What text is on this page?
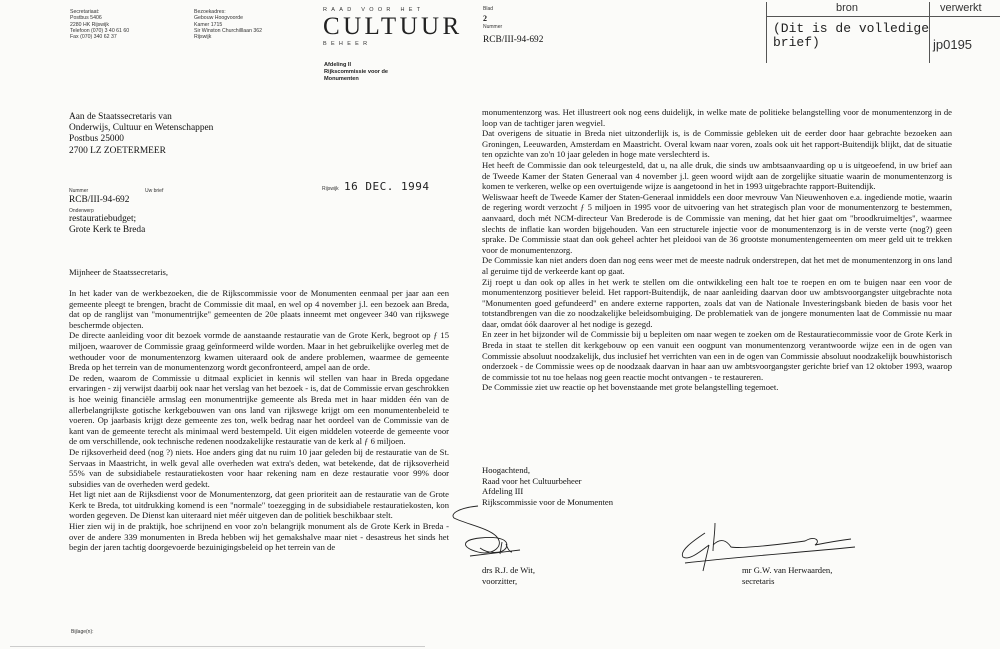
Secretariaat:
Postbus 5406
2280 HK Rijswijk
Telefoon (070) 3 40 61 60
Fax (070) 340 62 37
Bezoekadres:
Gebouw Hoogvoorde
Kamer 1715
Sir Winston Churchilllaan 362
Rijswijk
RAAD VOOR HET
CULTUUR
BEHEER
Afdeling II
Rijkscommissie voor de
Monumenten
Aan de Staatssecretaris van
Onderwijs, Cultuur en Wetenschappen
Postbus 25000
2700 LZ ZOETERMEER
Nummer	Uw brief
RCB/III-94-692
Onderwerp
restauratiebudget;
Grote Kerk te Breda
Rijswijk 16 DEC. 1994
Mijnheer de Staatssecretaris,

In het kader van de werkbezoeken, die de Rijkscommissie voor de Monumenten eenmaal per jaar aan een gemeente pleegt te brengen, bracht de Commissie dit maal, en wel op 4 november j.l. een bezoek aan Breda, dat op de ranglijst van "monumentrijke" gemeenten de 20e plaats inneemt met ongeveer 340 van rijkswege beschermde objecten.

De directe aanleiding voor dit bezoek vormde de aanstaande restauratie van de Grote Kerk, begroot op ƒ 15 miljoen, waarover de Commissie graag geïnformeerd wilde worden. Maar in het gebruikelijke overleg met de wethouder voor de monumentenzorg kwamen uiteraard ook de andere problemen, waarmee de gemeente Breda op het terrein van de monumentenzorg wordt geconfronteerd, ampel aan de orde.

De reden, waarom de Commissie u ditmaal expliciet in kennis wil stellen van haar in Breda opgedane ervaringen - zij verwijst daarbij ook naar het verslag van het bezoek - is, dat de Commissie ervan geschrokken is hoe weinig financiële armslag een monumentrijke gemeente als Breda met in haar midden één van de allerbelangrijkste gotische kerkgebouwen van ons land van rijkswege krijgt om een monumentenbeleid te voeren. Op jaarbasis krijgt deze gemeente zes ton, welk bedrag naar het oordeel van de Commissie van de kant van de gemeente terecht als minimaal werd bestempeld. Uit eigen middelen voteerde de gemeente voor de om verschillende, ook technische redenen noodzakelijke restauratie van de kerk al ƒ 6 miljoen.

De rijksoverheid deed (nog ?) niets. Hoe anders ging dat nu ruim 10 jaar geleden bij de restauratie van de St. Servaas in Maastricht, in welk geval alle overheden wat extra's deden, wat betekende, dat de rijksoverheid 55% van de subsidiabele restauratiekosten voor haar rekening nam en deze restauratie voor 99% door subsidies van de overheden werd gedekt.

Het ligt niet aan de Rijksdienst voor de Monumentenzorg, dat geen prioriteit aan de restauratie van de Grote Kerk te Breda, tot uitdrukking komend is een "normale" toezegging in de subsidiabele restauratiekosten, kon worden gegeven. De Dienst kan uiteraard niet méér uitgeven dan de politiek beschikbaar stelt.

Hier zien wij in de praktijk, hoe schrijnend en voor zo'n belangrijk monument als de Grote Kerk in Breda - over de andere 339 monumenten in Breda hebben wij het gemakshalve maar niet - desastreus het sinds het begin der jaren tachtig doorgevoerde bezuinigingsbeleid op het terrein van de

Bijlage(n):
Blad
2
Nummer
RCB/III-94-692

monumentenzorg was. Het illustreert ook nog eens duidelijk, in welke mate de politieke belangstelling voor de monumentenzorg in de loop van de tachtiger jaren wegviel.

Dat overigens de situatie in Breda niet uitzonderlijk is, is de Commissie gebleken uit de eerder door haar gebrachte bezoeken aan Groningen, Leeuwarden, Amsterdam en Maastricht. Overal kwam naar voren, zoals ook uit het rapport-Buitendijk blijkt, dat de situatie ten opzichte van zo'n 10 jaar geleden in hoge mate verslechterd is.

Het heeft de Commissie dan ook teleurgesteld, dat u, na alle druk, die sinds uw ambtsaanvaarding op u is uitgeoefend, in uw brief aan de Tweede Kamer der Staten Generaal van 4 november j.l. geen woord wijdt aan de zorgelijke situatie waarin de monumentenzorg is komen te verkeren, welke op een overtuigende wijze is aangetoond in het in 1993 uitgebrachte rapport-Buitendijk.

Weliswaar heeft de Tweede Kamer der Staten-Generaal inmiddels een door mevrouw Van Nieuwenhoven e.a. ingediende motie, waarin de regering wordt verzocht ƒ 5 miljoen in 1995 voor de uitvoering van het strategisch plan voor de monumentenzorg te bestemmen, aanvaard, doch mét NCM-directeur Van Brederode is de Commissie van mening, dat het hier gaat om "broodkruimeltjes", waarmee slechts de inflatie kan worden bijgehouden. Van een structurele injectie voor de monumentenzorg is in de verste verte (nog?) geen sprake. De Commissie staat dan ook geheel achter het pleidooi van de 36 grootste monumentengemeenten om meer geld uit te trekken voor de monumentenzorg.

De Commissie kan niet anders doen dan nog eens weer met de meeste nadruk onderstrepen, dat het met de monumentenzorg in ons land al geruime tijd de verkeerde kant op gaat.

Zij roept u dan ook op alles in het werk te stellen om die ontwikkeling een halt toe te roepen en om te buigen naar een voor de monumentenzorg positiever beleid. Het rapport-Buitendijk, de naar aanleiding daarvan door uw ambtsvoorgangster uitgebrachte nota "Monumenten goed gefundeerd" en andere externe rapporten, zoals dat van de Nationale Investeringsbank bieden de basis voor het totstandbrengen van die zo noodzakelijke beleidsombuiging. De problematiek van de jongere monumenten laat de Commissie nu maar daar, omdat óók daarover al het nodige is gezegd.

En zeer in het bijzonder wil de Commissie bij u bepleiten om naar wegen te zoeken om de Restauratiecommissie voor de Grote Kerk in Breda in staat te stellen dit kerkgebouw op een vanuit een oogpunt van monumentenzorg verantwoorde wijze een in de ogen van Commissie absoluut noodzakelijk, dus inclusief het verrichten van een in de ogen van Commissie absoluut noodzakelijk bouwhistorisch onderzoek - de Commissie wees op de noodzaak daarvan in haar aan uw ambtsvoorgangster gerichte brief van 12 oktober 1993, waarop de commissie tot nu toe helaas nog geen reactie mocht ontvangen - te restaureren.

De Commissie ziet uw reactie op het bovenstaande met grote belangstelling tegemoet.

Hoogachtend,
Raad voor het Cultuurbeheer
Afdeling III
Rijkscommissie voor de Monumenten
drs R.J. de Wit,
voorzitter,
mr G.W. van Herwaarden,
secretaris
bron	verwerkt
(Dit is de volledige brief)	jp0195
